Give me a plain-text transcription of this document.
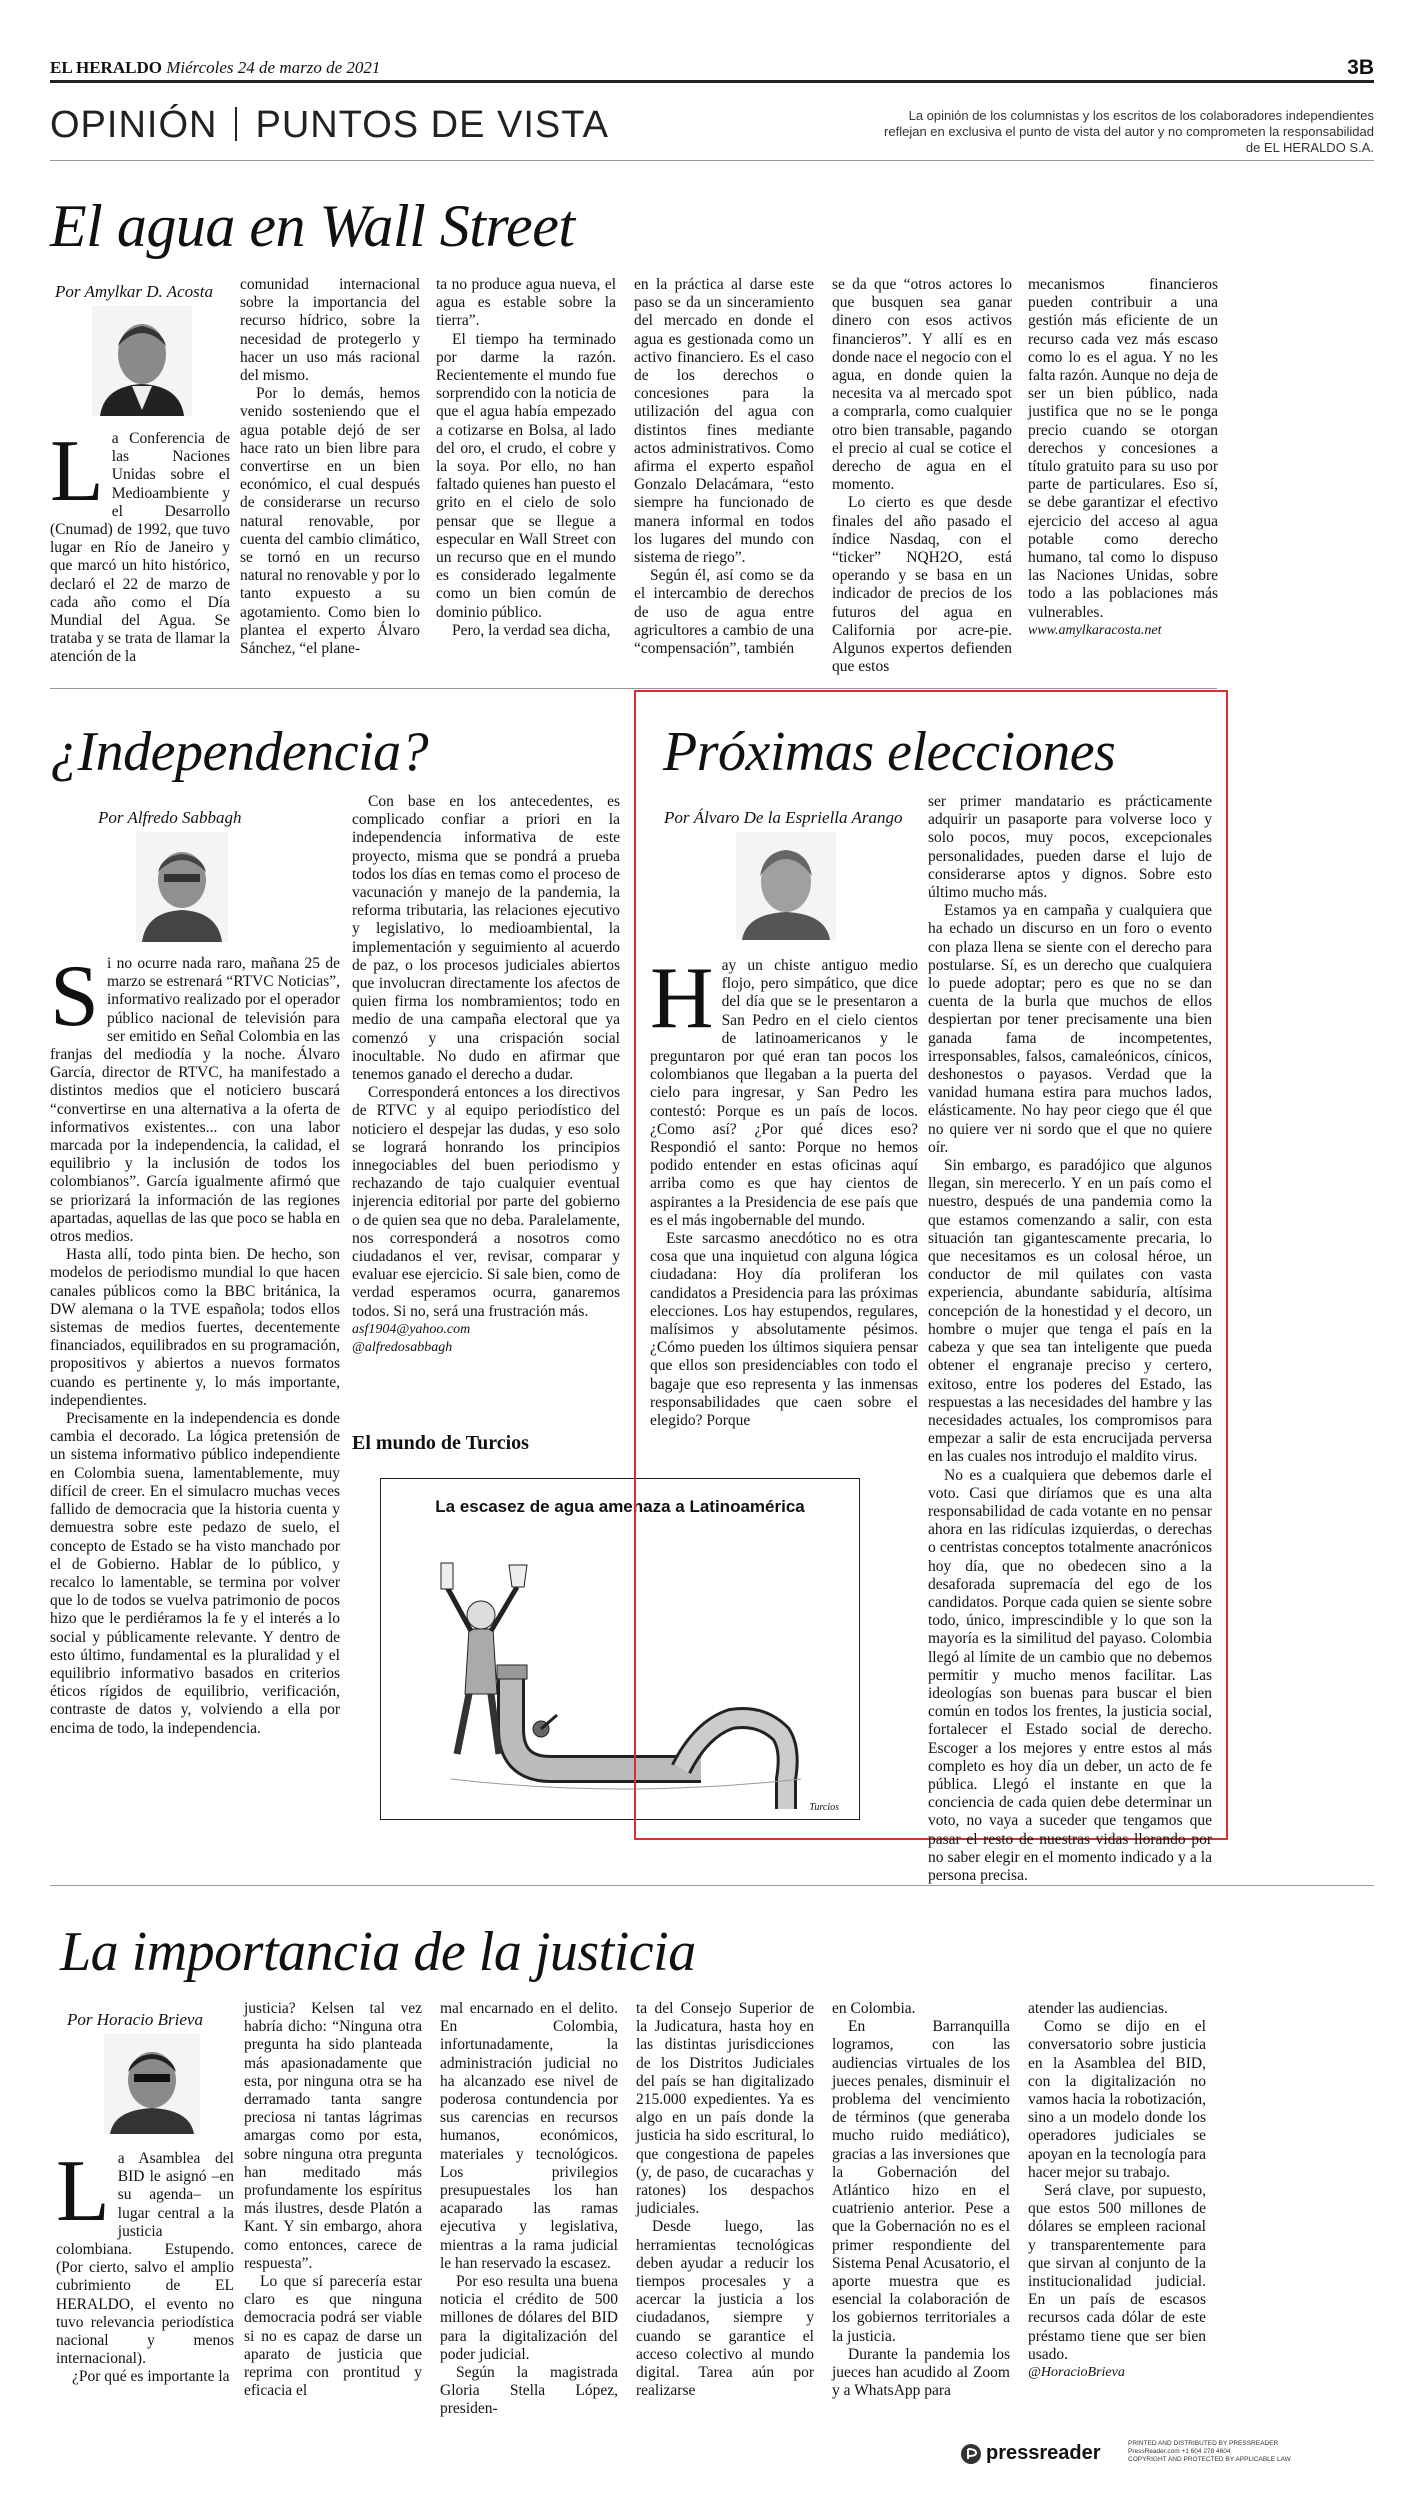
EL HERALDO Miércoles 24 de marzo de 2021	3B
OPINIÓN PUNTOS DE VISTA	La opinión de los columnistas y los escritos de los colaboradores independientes reflejan en exclusiva el punto de vista del autor y no comprometen la responsabilidad de EL HERALDO S.A.
El agua en Wall Street
Por Amylkar D. Acosta
La Conferencia de las Naciones Unidas sobre el Medioambiente y el Desarrollo (Cnumad) de 1992, que tuvo lugar en Río de Janeiro y que marcó un hito histórico, declaró el 22 de marzo de cada año como el Día Mundial del Agua. Se trataba y se trata de llamar la atención de la

comunidad internacional sobre la importancia del recurso hídrico, sobre la necesidad de protegerlo y hacer un uso más racional del mismo.

Por lo demás, hemos venido sosteniendo que el agua potable dejó de ser hace rato un bien libre para convertirse en un bien económico, el cual después de considerarse un recurso natural renovable, por cuenta del cambio climático, se tornó en un recurso natural no renovable y por lo tanto expuesto a su agotamiento. Como bien lo plantea el experto Álvaro Sánchez, “el plane-

ta no produce agua nueva, el agua es estable sobre la tierra”.

El tiempo ha terminado por darme la razón. Recientemente el mundo fue sorprendido con la noticia de que el agua había empezado a cotizarse en Bolsa, al lado del oro, el crudo, el cobre y la soya. Por ello, no han faltado quienes han puesto el grito en el cielo de solo pensar que se llegue a especular en Wall Street con un recurso que en el mundo es considerado legalmente como un bien común de dominio público.

Pero, la verdad sea dicha,

en la práctica al darse este paso se da un sinceramiento del mercado en donde el agua es gestionada como un activo financiero. Es el caso de los derechos o concesiones para la utilización del agua con distintos fines mediante actos administrativos. Como afirma el experto español Gonzalo Delacámara, “esto siempre ha funcionado de manera informal en todos los lugares del mundo con sistema de riego”.

Según él, así como se da el intercambio de derechos de uso de agua entre agricultores a cambio de una “compensación”, también

se da que “otros actores lo que busquen sea ganar dinero con esos activos financieros”. Y allí es en donde nace el negocio con el agua, en donde quien la necesita va al mercado spot a comprarla, como cualquier otro bien transable, pagando el precio al cual se cotice el derecho de agua en el momento.

Lo cierto es que desde finales del año pasado el índice Nasdaq, con el “ticker” NQH2O, está operando y se basa en un indicador de precios de los futuros del agua en California por acre-pie. Algunos expertos defienden que estos

mecanismos financieros pueden contribuir a una gestión más eficiente de un recurso cada vez más escaso como lo es el agua. Y no les falta razón. Aunque no deja de ser un bien público, nada justifica que no se le ponga precio cuando se otorgan derechos y concesiones a título gratuito para su uso por parte de particulares. Eso sí, se debe garantizar el efectivo ejercicio del acceso al agua potable como derecho humano, tal como lo dispuso las Naciones Unidas, sobre todo a las poblaciones más vulnerables.

www.amylkaracosta.net

¿Independencia?
Por Alfredo Sabbagh

Si no ocurre nada raro, mañana 25 de marzo se estrenará “RTVC Noticias”, informativo realizado por el operador público nacional de televisión para ser emitido en Señal Colombia en las franjas del mediodía y la noche. Álvaro García, director de RTVC, ha manifestado a distintos medios que el noticiero buscará “convertirse en una alternativa a la oferta de informativos existentes... con una labor marcada por la independencia, la calidad, el equilibrio y la inclusión de todos los colombianos”. García igualmente afirmó que se priorizará la información de las regiones apartadas, aquellas de las que poco se habla en otros medios.

Hasta allí, todo pinta bien. De hecho, son modelos de periodismo mundial lo que hacen canales públicos como la BBC británica, la DW alemana o la TVE española; todos ellos sistemas de medios fuertes, decentemente financiados, equilibrados en su programación, propositivos y abiertos a nuevos formatos cuando es pertinente y, lo más importante, independientes.

Precisamente en la independencia es donde cambia el decorado. La lógica pretensión de un sistema informativo público independiente en Colombia suena, lamentablemente, muy difícil de creer. En el simulacro muchas veces fallido de democracia que la historia cuenta y demuestra sobre este pedazo de suelo, el concepto de Estado se ha visto manchado por el de Gobierno. Hablar de lo público, y recalco lo lamentable, se termina por volver que lo de todos se vuelva patrimonio de pocos hizo que le perdiéramos la fe y el interés a lo social y públicamente relevante. Y dentro de esto último, fundamental es la pluralidad y el equilibrio informativo basados en criterios éticos rígidos de equilibrio, verificación, contraste de datos y, volviendo a ella por encima de todo, la independencia.

Con base en los antecedentes, es complicado confiar a priori en la independencia informativa de este proyecto, misma que se pondrá a prueba todos los días en temas como el proceso de vacunación y manejo de la pandemia, la reforma tributaria, las relaciones ejecutivo y legislativo, lo medioambiental, la implementación y seguimiento al acuerdo de paz, o los procesos judiciales abiertos que involucran directamente los afectos de quien firma los nombramientos; todo en medio de una campaña electoral que ya comenzó y una crispación social inocultable. No dudo en afirmar que tenemos ganado el derecho a dudar.

Corresponderá entonces a los directivos de RTVC y al equipo periodístico del noticiero el despejar las dudas, y eso solo se logrará honrando los principios innegociables del buen periodismo y rechazando de tajo cualquier eventual injerencia editorial por parte del gobierno o de quien sea que no deba. Paralelamente, nos corresponderá a nosotros como ciudadanos el ver, revisar, comparar y evaluar ese ejercicio. Si sale bien, como de verdad esperamos ocurra, ganaremos todos. Si no, será una frustración más.

asf1904@yahoo.com

@alfredosabbagh

El mundo de Turcios
La escasez de agua amenaza a Latinoamérica
Turcios
Próximas elecciones
Por Álvaro De la Espriella Arango

Hay un chiste antiguo medio flojo, pero simpático, que dice del día que se le presentaron a San Pedro en el cielo cientos de latinoamericanos y le preguntaron por qué eran tan pocos los colombianos que llegaban a la puerta del cielo para ingresar, y San Pedro les contestó: Porque es un país de locos. ¿Como así? ¿Por qué dices eso? Respondió el santo: Porque no hemos podido entender en estas oficinas aquí arriba como es que hay cientos de aspirantes a la Presidencia de ese país que es el más ingobernable del mundo.

Este sarcasmo anecdótico no es otra cosa que una inquietud con alguna lógica ciudadana: Hoy día proliferan los candidatos a Presidencia para las próximas elecciones. Los hay estupendos, regulares, malísimos y absolutamente pésimos. ¿Cómo pueden los últimos siquiera pensar que ellos son presidenciables con todo el bagaje que eso representa y las inmensas responsabilidades que caen sobre el elegido? Porque

ser primer mandatario es prácticamente adquirir un pasaporte para volverse loco y solo pocos, muy pocos, excepcionales personalidades, pueden darse el lujo de considerarse aptos y dignos. Sobre esto último mucho más.

Estamos ya en campaña y cualquiera que ha echado un discurso en un foro o evento con plaza llena se siente con el derecho para postularse. Sí, es un derecho que cualquiera lo puede adoptar; pero es que no se dan cuenta de la burla que muchos de ellos despiertan por tener precisamente una bien ganada fama de incompetentes, irresponsables, falsos, camaleónicos, cínicos, deshonestos o payasos. Verdad que la vanidad humana estira para muchos lados, elásticamente. No hay peor ciego que él que no quiere ver ni sordo que el que no quiere oír.

Sin embargo, es paradójico que algunos llegan, sin merecerlo. Y en un país como el nuestro, después de una pandemia como la que estamos comenzando a salir, con esta situación tan gigantescamente precaria, lo que necesitamos es un colosal héroe, un conductor de mil quilates con vasta experiencia, abundante sabiduría, altísima concepción de la honestidad y el decoro, un hombre o mujer que tenga el país en la cabeza y que sea tan inteligente que pueda obtener el engranaje preciso y certero, exitoso, entre los poderes del Estado, las respuestas a las necesidades del hambre y las necesidades actuales, los compromisos para empezar a salir de esta encrucijada perversa en las cuales nos introdujo el maldito virus.

No es a cualquiera que debemos darle el voto. Casi que diríamos que es una alta responsabilidad de cada votante en no pensar ahora en las ridículas izquierdas, o derechas o centristas conceptos totalmente anacrónicos hoy día, que no obedecen sino a la desaforada supremacía del ego de los candidatos. Porque cada quien se siente sobre todo, único, imprescindible y lo que son la mayoría es la similitud del payaso. Colombia llegó al límite de un cambio que no debemos permitir y mucho menos facilitar. Las ideologías son buenas para buscar el bien común en todos los frentes, la justicia social, fortalecer el Estado social de derecho. Escoger a los mejores y entre estos al más completo es hoy día un deber, un acto de fe pública. Llegó el instante en que la conciencia de cada quien debe determinar un voto, no vaya a suceder que tengamos que pasar el resto de nuestras vidas llorando por no saber elegir en el momento indicado y a la persona precisa.

La importancia de la justicia
Por Horacio Brieva

La Asamblea del BID le asignó –en su agenda– un lugar central a la justicia colombiana. Estupendo. (Por cierto, salvo el amplio cubrimiento de EL HERALDO, el evento no tuvo relevancia periodística nacional y menos internacional).

¿Por qué es importante la

justicia? Kelsen tal vez habría dicho: “Ninguna otra pregunta ha sido planteada más apasionadamente que esta, por ninguna otra se ha derramado tanta sangre preciosa ni tantas lágrimas amargas como por esta, sobre ninguna otra pregunta han meditado más profundamente los espíritus más ilustres, desde Platón a Kant. Y sin embargo, ahora como entonces, carece de respuesta”.

Lo que sí parecería estar claro es que ninguna democracia podrá ser viable si no es capaz de darse un aparato de justicia que reprima con prontitud y eficacia el

mal encarnado en el delito. En Colombia, infortunadamente, la administración judicial no ha alcanzado ese nivel de poderosa contundencia por sus carencias en recursos humanos, económicos, materiales y tecnológicos. Los privilegios presupuestales los han acaparado las ramas ejecutiva y legislativa, mientras a la rama judicial le han reservado la escasez.

Por eso resulta una buena noticia el crédito de 500 millones de dólares del BID para la digitalización del poder judicial.

Según la magistrada Gloria Stella López, presiden-

ta del Consejo Superior de la Judicatura, hasta hoy en las distintas jurisdicciones de los Distritos Judiciales del país se han digitalizado 215.000 expedientes. Ya es algo en un país donde la justicia ha sido escritural, lo que congestiona de papeles (y, de paso, de cucarachas y ratones) los despachos judiciales.

Desde luego, las herramientas tecnológicas deben ayudar a reducir los tiempos procesales y a acercar la justicia a los ciudadanos, siempre y cuando se garantice el acceso colectivo al mundo digital. Tarea aún por realizarse

en Colombia.

En Barranquilla logramos, con las audiencias virtuales de los jueces penales, disminuir el problema del vencimiento de términos (que generaba mucho ruido mediático), gracias a las inversiones que la Gobernación del Atlántico hizo en el cuatrienio anterior. Pese a que la Gobernación no es el primer respondiente del Sistema Penal Acusatorio, el aporte muestra que es esencial la colaboración de los gobiernos territoriales a la justicia.

Durante la pandemia los jueces han acudido al Zoom y a WhatsApp para

atender las audiencias.

Como se dijo en el conversatorio sobre justicia en la Asamblea del BID, con la digitalización no vamos hacia la robotización, sino a un modelo donde los operadores judiciales se apoyan en la tecnología para hacer mejor su trabajo.

Será clave, por supuesto, que estos 500 millones de dólares se empleen racional y transparentemente para que sirvan al conjunto de la institucionalidad judicial. En un país de escasos recursos cada dólar de este préstamo tiene que ser bien usado.

@HoracioBrieva

pressreader	PRINTED AND DISTRIBUTED BY PRESSREADER
PressReader.com +1 604 278 4604
COPYRIGHT AND PROTECTED BY APPLICABLE LAW
